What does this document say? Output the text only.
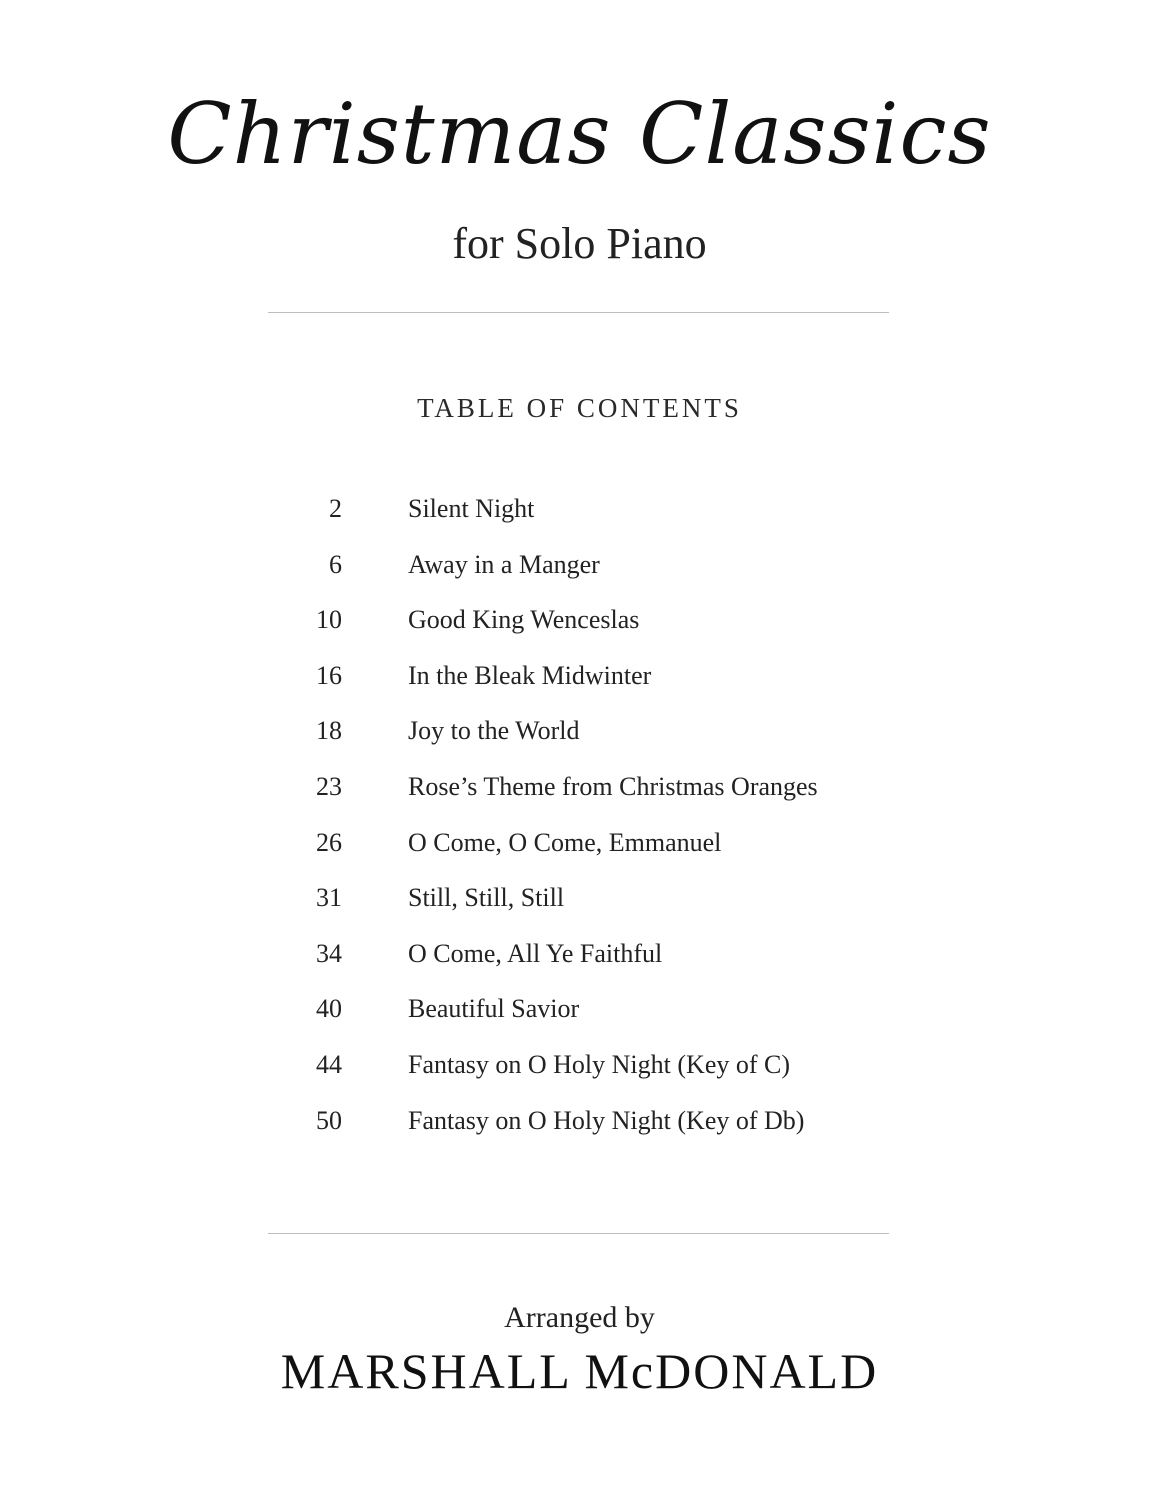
Christmas Classics
for Solo Piano
TABLE OF CONTENTS
2	Silent Night
6	Away in a Manger
10	Good King Wenceslas
16	In the Bleak Midwinter
18	Joy to the World
23	Rose’s Theme from Christmas Oranges
26	O Come, O Come, Emmanuel
31	Still, Still, Still
34	O Come, All Ye Faithful
40	Beautiful Savior
44	Fantasy on O Holy Night (Key of C)
50	Fantasy on O Holy Night (Key of Db)
Arranged by
MARSHALL McDONALD
